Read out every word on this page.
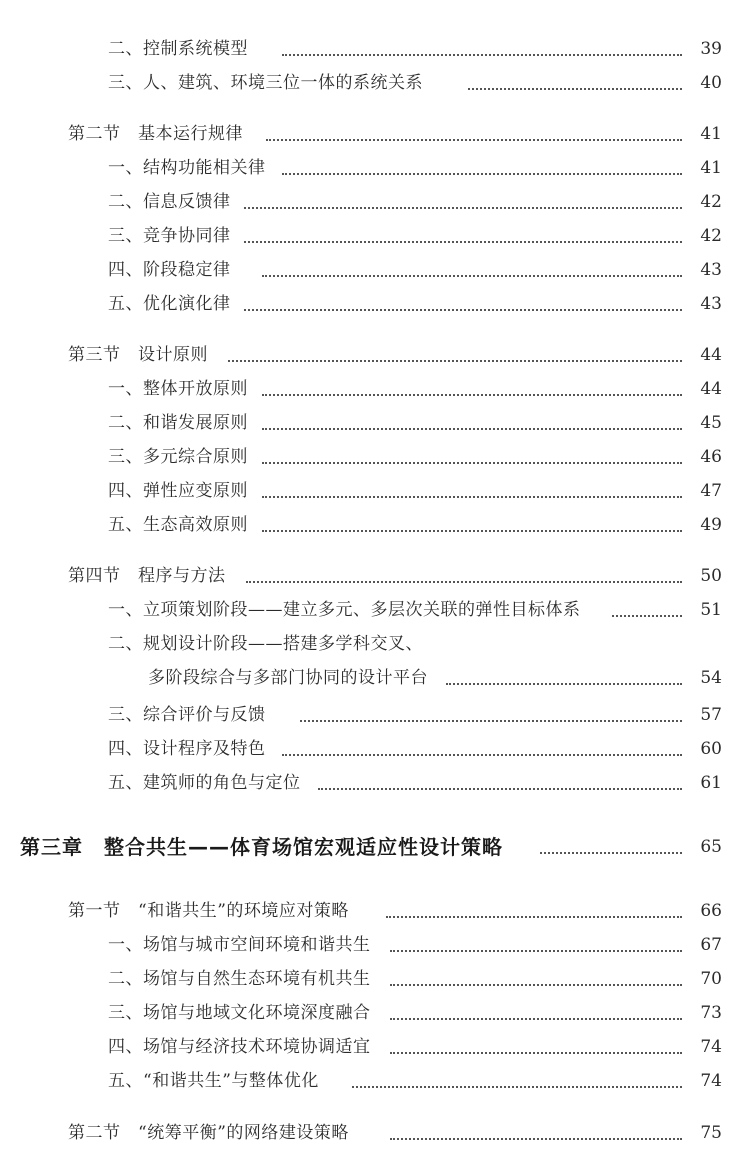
二、控制系统模型	39
三、人、建筑、环境三位一体的系统关系	40
第二节　基本运行规律	41
一、结构功能相关律	41
二、信息反馈律	42
三、竞争协同律	42
四、阶段稳定律	43
五、优化演化律	43
第三节　设计原则	44
一、整体开放原则	44
二、和谐发展原则	45
三、多元综合原则	46
四、弹性应变原则	47
五、生态高效原则	49
第四节　程序与方法	50
一、立项策划阶段——建立多元、多层次关联的弹性目标体系	51
二、规划设计阶段——搭建多学科交叉、
多阶段综合与多部门协同的设计平台	54
三、综合评价与反馈	57
四、设计程序及特色	60
五、建筑师的角色与定位	61
第三章　整合共生——体育场馆宏观适应性设计策略	65
第一节　“和谐共生”的环境应对策略	66
一、场馆与城市空间环境和谐共生	67
二、场馆与自然生态环境有机共生	70
三、场馆与地域文化环境深度融合	73
四、场馆与经济技术环境协调适宜	74
五、“和谐共生”与整体优化	74
第二节　“统筹平衡”的网络建设策略	75
